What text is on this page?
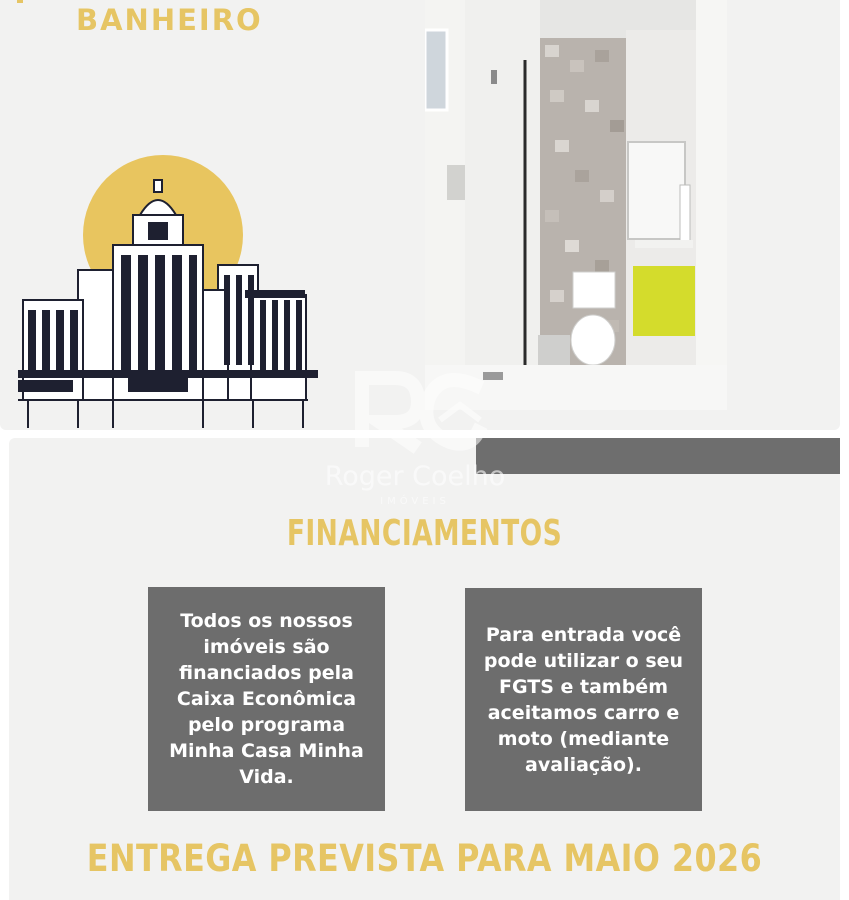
BANHEIRO

Roger Coelho

IMÓVEIS

FINANCIAMENTOS

Todos os nossos imóveis são financiados pela Caixa Econômica pelo programa Minha Casa Minha Vida.

Para entrada você pode utilizar o seu FGTS e também aceitamos carro e moto (mediante avaliação).

ENTREGA PREVISTA PARA MAIO 2026
